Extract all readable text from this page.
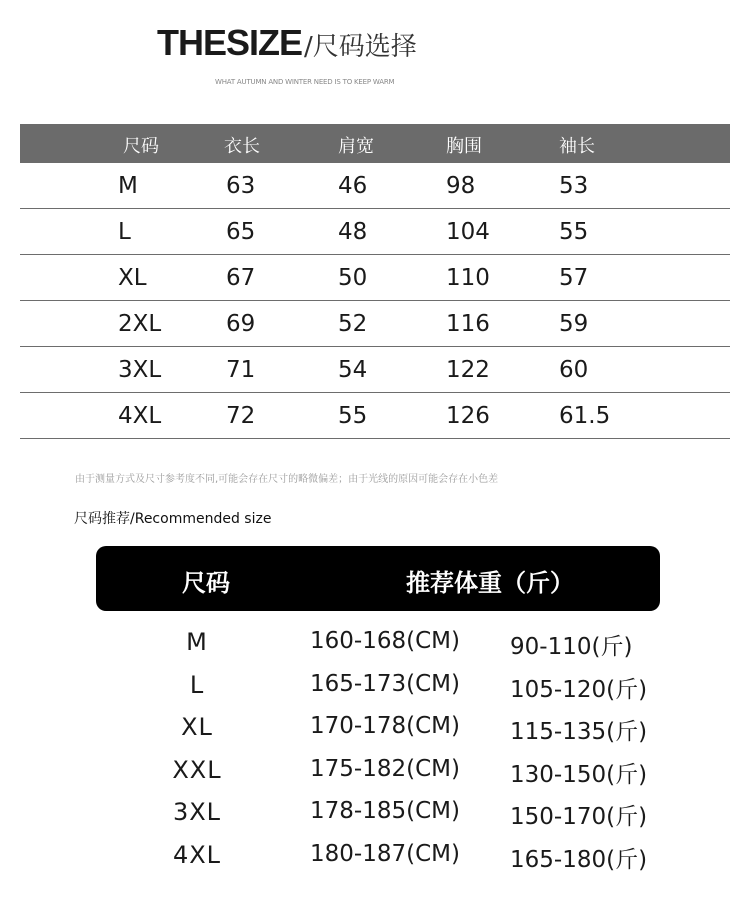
THESIZE/尺码选择
WHAT AUTUMN AND WINTER NEED IS TO KEEP WARM
尺码	衣长	肩宽	胸围	袖长
M	63	46	98	53
L	65	48	104	55
XL	67	50	110	57
2XL	69	52	116	59
3XL	71	54	122	60
4XL	72	55	126	61.5
由于测量方式及尺寸参考度不同,可能会存在尺寸的略微偏差；由于光线的原因可能会存在小色差
尺码推荐/Recommended size
尺码	推荐体重（斤）
M	160-168(CM) 90-110(斤)
L	165-173(CM) 105-120(斤)
XL	170-178(CM) 115-135(斤)
XXL	175-182(CM) 130-150(斤)
3XL	178-185(CM) 150-170(斤)
4XL	180-187(CM) 165-180(斤)
